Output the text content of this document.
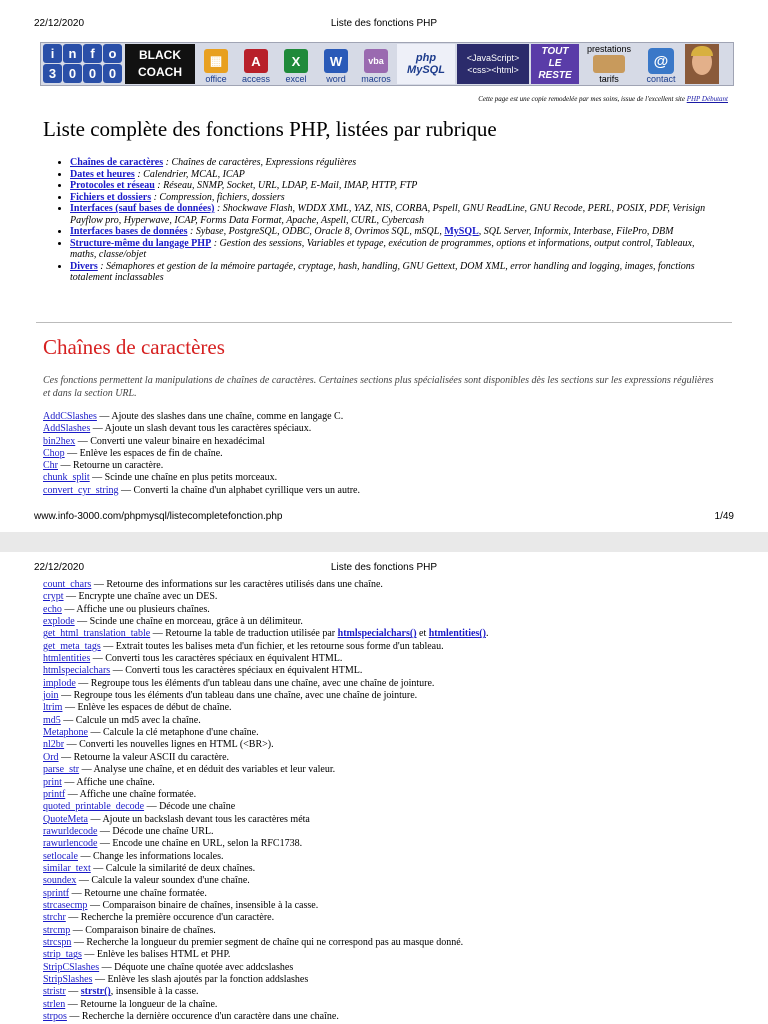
22/12/2020	Liste des fonctions PHP
i	n	f	o
3 0 0 0
BLACK
COACH
▦
office
A
access
X
excel
W
word
vba
macros
php
MySQL
<JavaScript>
<css><html>
TOUT
LE RESTE
prestations
tarifs
@
contact
Cette page est une copie remodelée par mes soins, issue de l'excellent site PHP Débutant
Liste complète des fonctions PHP, listées par rubrique
• Chaînes de caractères : Chaînes de caractères, Expressions régulières
• Dates et heures : Calendrier, MCAL, ICAP
• Protocoles et réseau : Réseau, SNMP, Socket, URL, LDAP, E-Mail, IMAP, HTTP, FTP
• Fichiers et dossiers : Compression, fichiers, dossiers
• Interfaces (sauf bases de données) : Shockwave Flash, WDDX XML, YAZ, NIS, CORBA, Pspell, GNU ReadLine, GNU Recode, PERL, POSIX, PDF, Verisign Payflow pro, Hyperwave, ICAP, Forms Data Format, Apache, Aspell, CURL, Cybercash
• Interfaces bases de données : Sybase, PostgreSQL, ODBC, Oracle 8, Ovrimos SQL, mSQL, MySQL, SQL Server, Informix, Interbase, FilePro, DBM
• Structure-même du langage PHP : Gestion des sessions, Variables et typage, exécution de programmes, options et informations, output control, Tableaux, maths, classe/objet
• Divers : Sémaphores et gestion de la mémoire partagée, cryptage, hash, handling, GNU Gettext, DOM XML, error handling and logging, images, fonctions totalement inclassables
Chaînes de caractères

Ces fonctions permettent la manipulations de chaînes de caractères. Certaines sections plus spécialisées sont disponibles dès les sections sur les expressions régulières et dans la section URL.

AddCSlashes — Ajoute des slashes dans une chaîne, comme en langage C.
AddSlashes — Ajoute un slash devant tous les caractères spéciaux.
bin2hex — Converti une valeur binaire en hexadécimal
Chop — Enlève les espaces de fin de chaîne.
Chr — Retourne un caractère.
chunk_split — Scinde une chaîne en plus petits morceaux.
convert_cyr_string — Converti la chaîne d'un alphabet cyrillique vers un autre.
www.info-3000.com/phpmysql/listecompletefonction.php	1/49
22/12/2020	Liste des fonctions PHP
count_chars — Retourne des informations sur les caractères utilisés dans une chaîne.
crypt — Encrypte une chaîne avec un DES.
echo — Affiche une ou plusieurs chaînes.
explode — Scinde une chaîne en morceau, grâce à un délimiteur.
get_html_translation_table — Retourne la table de traduction utilisée par htmlspecialchars() et htmlentities().
get_meta_tags — Extrait toutes les balises meta d'un fichier, et les retourne sous forme d'un tableau.
htmlentities — Converti tous les caractères spéciaux en équivalent HTML.
htmlspecialchars — Converti tous les caractères spéciaux en équivalent HTML.
implode — Regroupe tous les éléments d'un tableau dans une chaîne, avec une chaîne de jointure.
join — Regroupe tous les éléments d'un tableau dans une chaîne, avec une chaîne de jointure.
ltrim — Enlève les espaces de début de chaîne.
md5 — Calcule un md5 avec la chaîne.
Metaphone — Calcule la clé metaphone d'une chaîne.
nl2br — Converti les nouvelles lignes en HTML (<BR>).
Ord — Retourne la valeur ASCII du caractère.
parse_str — Analyse une chaîne, et en déduit des variables et leur valeur.
print — Affiche une chaîne.
printf — Affiche une chaîne formatée.
quoted_printable_decode — Décode une chaîne
QuoteMeta — Ajoute un backslash devant tous les caractères méta
rawurldecode — Décode une chaîne URL.
rawurlencode — Encode une chaîne en URL, selon la RFC1738.
setlocale — Change les informations locales.
similar_text — Calcule la similarité de deux chaînes.
soundex — Calcule la valeur soundex d'une chaîne.
sprintf — Retourne une chaîne formatée.
strcasecmp — Comparaison binaire de chaînes, insensible à la casse.
strchr — Recherche la première occurence d'un caractère.
strcmp — Comparaison binaire de chaînes.
strcspn — Recherche la longueur du premier segment de chaîne qui ne correspond pas au masque donné.
strip_tags — Enlève les balises HTML et PHP.
StripCSlashes — Déquote une chaîne quotée avec addcslashes
StripSlashes — Enlève les slash ajoutés par la fonction addslashes
stristr — strstr(), insensible à la casse.
strlen — Retourne la longueur de la chaîne.
strpos — Recherche la dernière occurence d'un caractère dans une chaîne.
